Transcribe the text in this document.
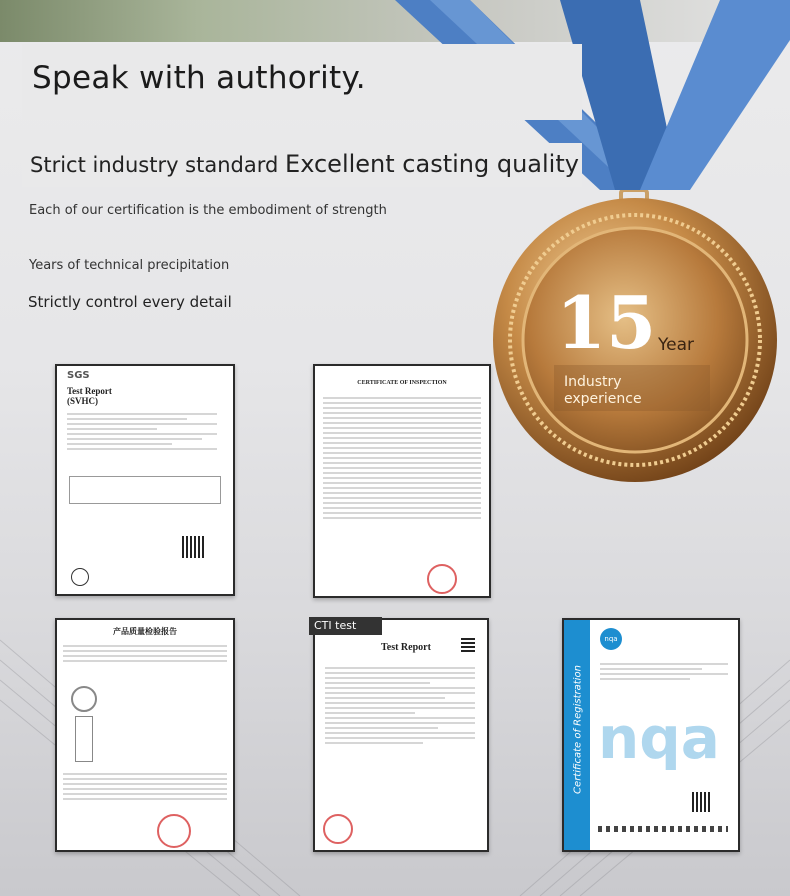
Speak with authority.
Strict industry standard Excellent casting quality
Each of our certification is the embodiment of strength
Years of technical precipitation
Strictly control every detail	15 Year
Industry
experience
SGS
Test Report
(SVHC)
CERTIFICATE OF INSPECTION
产品质量检验报告
Test Report
CTI test
Certificate of Registration
nqa
nqa
